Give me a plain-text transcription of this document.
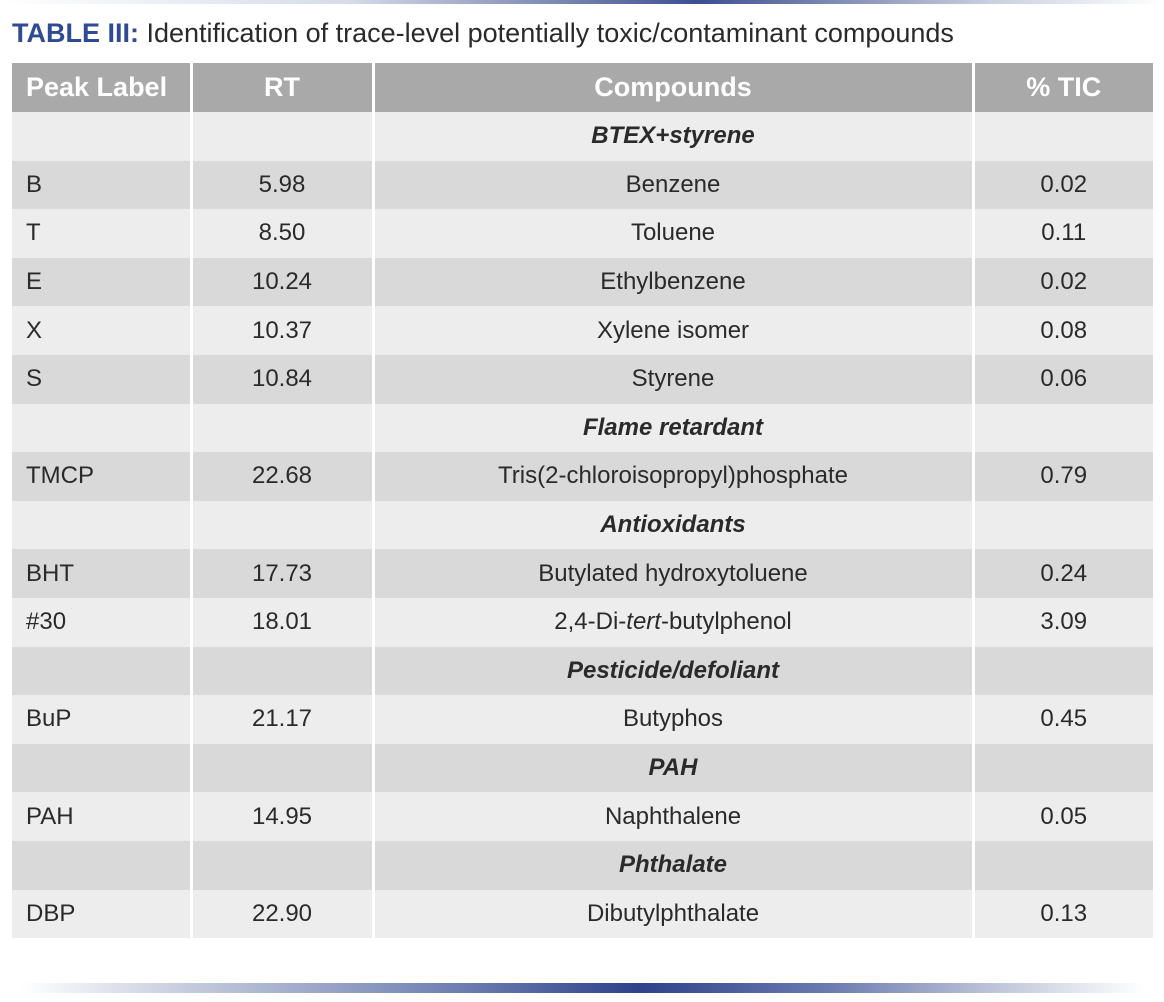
TABLE III: Identification of trace-level potentially toxic/contaminant compounds
Peak Label	RT	Compounds	% TIC
		BTEX+styrene	
B	5.98	Benzene	0.02
T	8.50	Toluene	0.11
E	10.24	Ethylbenzene	0.02
X	10.37	Xylene isomer	0.08
S	10.84	Styrene	0.06
		Flame retardant	
TMCP	22.68	Tris(2-chloroisopropyl)phosphate	0.79
		Antioxidants	
BHT	17.73	Butylated hydroxytoluene	0.24
#30	18.01	2,4-Di-tert-butylphenol	3.09
		Pesticide/defoliant	
BuP	21.17	Butyphos	0.45
		PAH	
PAH	14.95	Naphthalene	0.05
		Phthalate	
DBP	22.90	Dibutylphthalate	0.13
